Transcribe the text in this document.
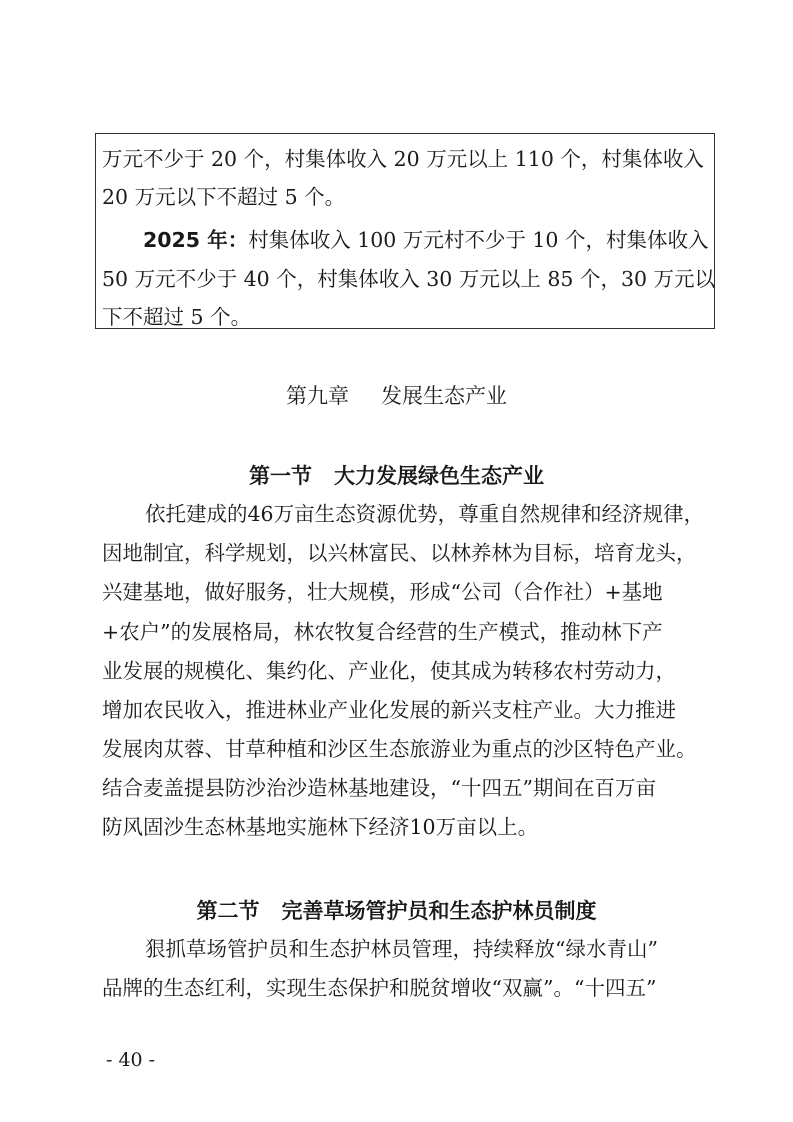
万元不少于 20 个，村集体收入 20 万元以上 110 个，村集体收入
20 万元以下不超过 5 个。
2025 年：村集体收入 100 万元村不少于 10 个，村集体收入
50 万元不少于 40 个，村集体收入 30 万元以上 85 个，30 万元以
下不超过 5 个。
第九章 发展生态产业
第一节 大力发展绿色生态产业
依托建成的46万亩生态资源优势，尊重自然规律和经济规律，
因地制宜，科学规划，以兴林富民、以林养林为目标，培育龙头，
兴建基地，做好服务，壮大规模，形成“公司（合作社）+基地
+农户”的发展格局，林农牧复合经营的生产模式，推动林下产
业发展的规模化、集约化、产业化，使其成为转移农村劳动力，
增加农民收入，推进林业产业化发展的新兴支柱产业。大力推进
发展肉苁蓉、甘草种植和沙区生态旅游业为重点的沙区特色产业。
结合麦盖提县防沙治沙造林基地建设，“十四五”期间在百万亩
防风固沙生态林基地实施林下经济10万亩以上。
第二节 完善草场管护员和生态护林员制度
狠抓草场管护员和生态护林员管理，持续释放“绿水青山”
品牌的生态红利，实现生态保护和脱贫增收“双赢”。“十四五”
- 40 -
